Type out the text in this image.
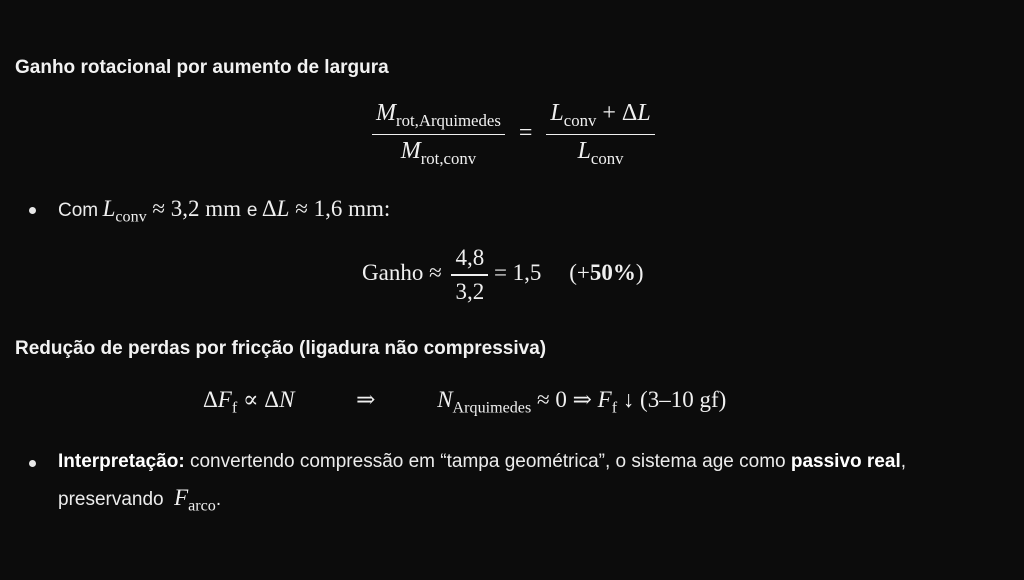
Ganho rotacional por aumento de largura
$\frac{M_{rot,Arquimedes}}{M_{rot,conv}} = \frac{L_{conv} + \Delta L}{L_{conv}}$
Com $L_{conv} \approx 3,2$ mm e ΔL ≈ 1,6 mm:
Ganho ≈ $\frac{4,8}{3,2} = 1,5$ (+50%)
Redução de perdas por fricção (ligadura não compressiva)
$\Delta F_f \propto \Delta N$	⇒	$N_{Arquimedes} \approx 0$ ⇒ $F_f$ ↓ (3–10 gf)
Interpretação: convertendo compressão em “tampa geométrica”, o sistema age como passivo real,
preservando $F_{arco}$.
